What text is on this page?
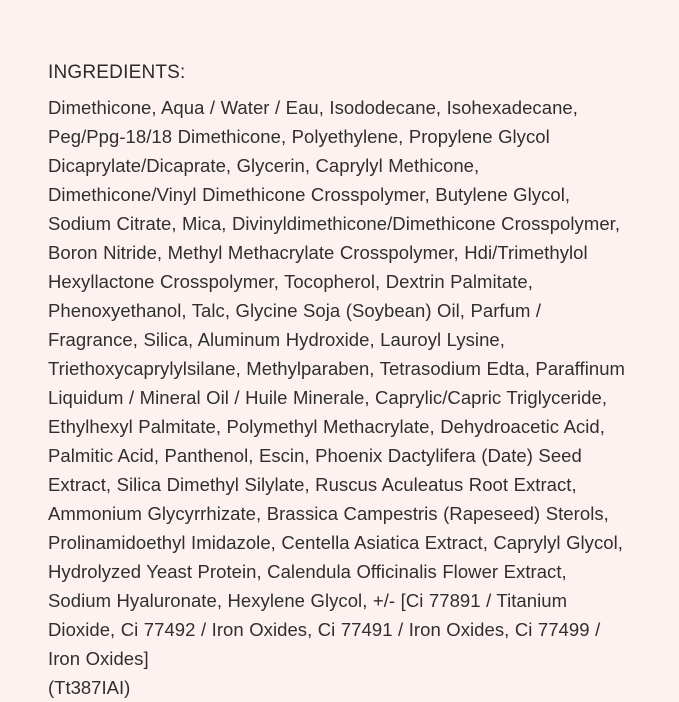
INGREDIENTS:

Dimethicone, Aqua / Water / Eau, Isododecane, Isohexadecane, Peg/Ppg-18/18 Dimethicone, Polyethylene, Propylene Glycol Dicaprylate/Dicaprate, Glycerin, Caprylyl Methicone, Dimethicone/Vinyl Dimethicone Crosspolymer, Butylene Glycol, Sodium Citrate, Mica, Divinyldimethicone/Dimethicone Crosspolymer, Boron Nitride, Methyl Methacrylate Crosspolymer, Hdi/Trimethylol Hexyllactone Crosspolymer, Tocopherol, Dextrin Palmitate, Phenoxyethanol, Talc, Glycine Soja (Soybean) Oil, Parfum / Fragrance, Silica, Aluminum Hydroxide, Lauroyl Lysine, Triethoxycaprylylsilane, Methylparaben, Tetrasodium Edta, Paraffinum Liquidum / Mineral Oil / Huile Minerale, Caprylic/Capric Triglyceride, Ethylhexyl Palmitate, Polymethyl Methacrylate, Dehydroacetic Acid, Palmitic Acid, Panthenol, Escin, Phoenix Dactylifera (Date) Seed Extract, Silica Dimethyl Silylate, Ruscus Aculeatus Root Extract, Ammonium Glycyrrhizate, Brassica Campestris (Rapeseed) Sterols, Prolinamidoethyl Imidazole, Centella Asiatica Extract, Caprylyl Glycol, Hydrolyzed Yeast Protein, Calendula Officinalis Flower Extract, Sodium Hyaluronate, Hexylene Glycol, +/- [Ci 77891 / Titanium Dioxide, Ci 77492 / Iron Oxides, Ci 77491 / Iron Oxides, Ci 77499 / Iron Oxides]

(Tt387IAI)
